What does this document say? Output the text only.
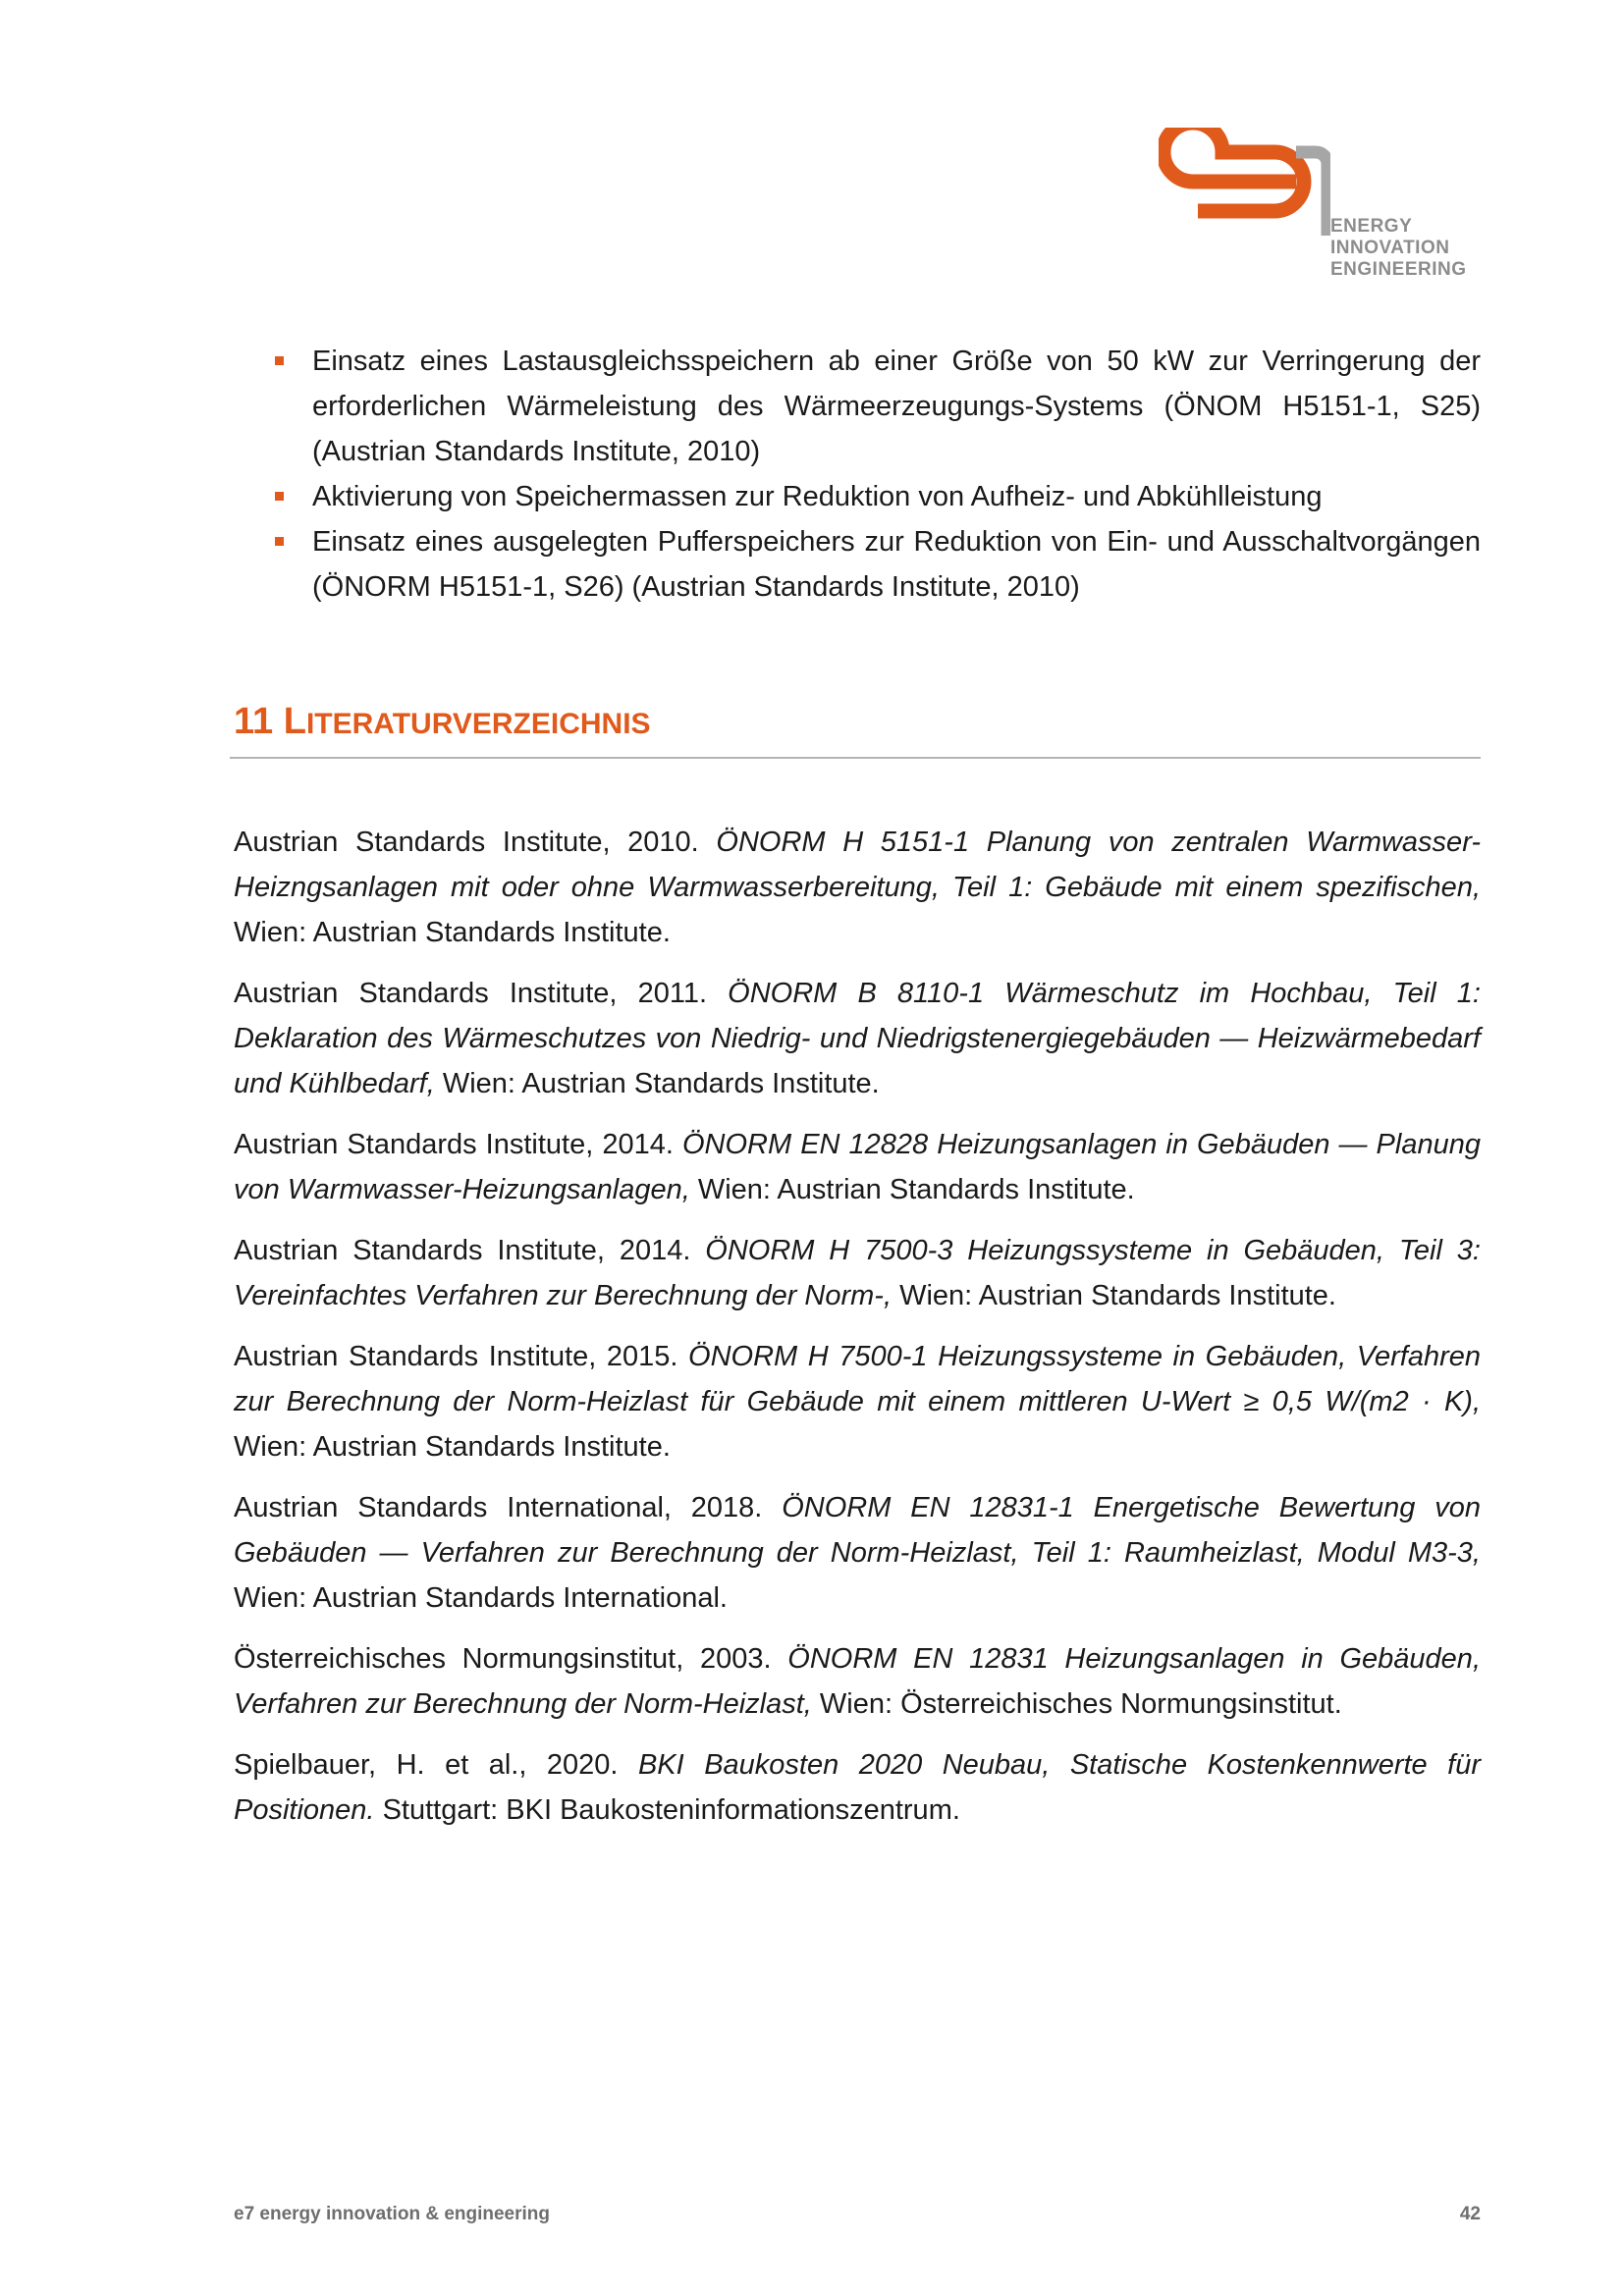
ENERGY
INNOVATION
ENGINEERING
Einsatz eines Lastausgleichsspeichern ab einer Größe von 50 kW zur Verringerung der erforderlichen Wärmeleistung des Wärmeerzeugungs-Systems (ÖNOM H5151-1, S25) (Austrian Standards Institute, 2010)
Aktivierung von Speichermassen zur Reduktion von Aufheiz- und Abkühlleistung
Einsatz eines ausgelegten Pufferspeichers zur Reduktion von Ein- und Ausschaltvorgängen (ÖNORM H5151-1, S26) (Austrian Standards Institute, 2010)
11 LITERATURVERZEICHNIS

Austrian Standards Institute, 2010. ÖNORM H 5151-1 Planung von zentralen Warmwasser-Heizngsanlagen mit oder ohne Warmwasserbereitung, Teil 1: Gebäude mit einem spezifischen, Wien: Austrian Standards Institute.

Austrian Standards Institute, 2011. ÖNORM B 8110-1 Wärmeschutz im Hochbau, Teil 1: Deklaration des Wärmeschutzes von Niedrig- und Niedrigstenergiegebäuden — Heizwärmebedarf und Kühlbedarf, Wien: Austrian Standards Institute.

Austrian Standards Institute, 2014. ÖNORM EN 12828 Heizungsanlagen in Gebäuden — Planung von Warmwasser-Heizungsanlagen, Wien: Austrian Standards Institute.

Austrian Standards Institute, 2014. ÖNORM H 7500-3 Heizungssysteme in Gebäuden, Teil 3: Vereinfachtes Verfahren zur Berechnung der Norm-, Wien: Austrian Standards Institute.

Austrian Standards Institute, 2015. ÖNORM H 7500-1 Heizungssysteme in Gebäuden, Verfahren zur Berechnung der Norm-Heizlast für Gebäude mit einem mittleren U-Wert ≥ 0,5 W/(m2 · K), Wien: Austrian Standards Institute.

Austrian Standards International, 2018. ÖNORM EN 12831-1 Energetische Bewertung von Gebäuden — Verfahren zur Berechnung der Norm-Heizlast, Teil 1: Raumheizlast, Modul M3-3, Wien: Austrian Standards International.

Österreichisches Normungsinstitut, 2003. ÖNORM EN 12831 Heizungsanlagen in Gebäuden, Verfahren zur Berechnung der Norm-Heizlast, Wien: Österreichisches Normungsinstitut.

Spielbauer, H. et al., 2020. BKI Baukosten 2020 Neubau, Statische Kostenkennwerte für Positionen. Stuttgart: BKI Baukosteninformationszentrum.

e7 energy innovation & engineering	42
